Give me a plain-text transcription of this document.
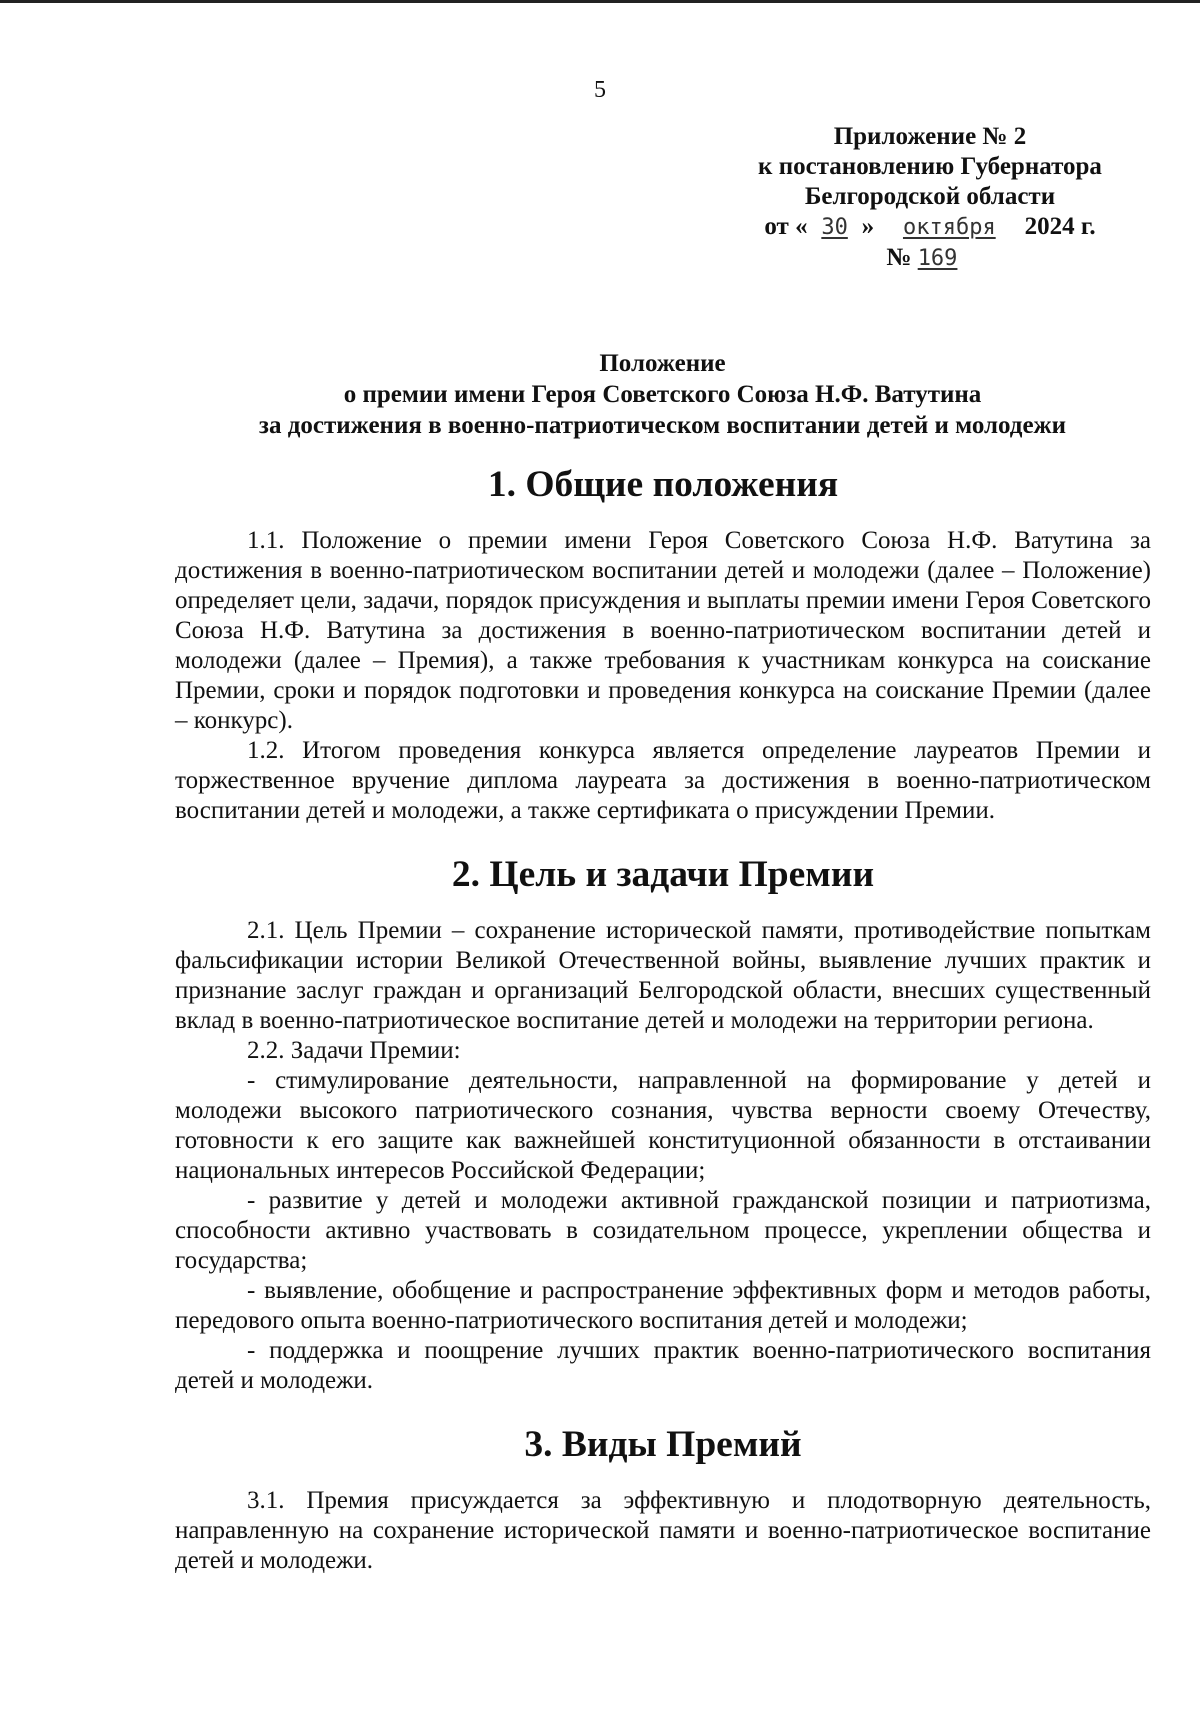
5
Приложение № 2
к постановлению Губернатора
Белгородской области
от « 30 » октября 2024 г.
№ 169
Положение
о премии имени Героя Советского Союза Н.Ф. Ватутина
за достижения в военно-патриотическом воспитании детей и молодежи
1. Общие положения

1.1. Положение о премии имени Героя Советского Союза Н.Ф. Ватутина за достижения в военно-патриотическом воспитании детей и молодежи (далее – Положение) определяет цели, задачи, порядок присуждения и выплаты премии имени Героя Советского Союза Н.Ф. Ватутина за достижения в военно-патриотическом воспитании детей и молодежи (далее – Премия), а также требования к участникам конкурса на соискание Премии, сроки и порядок подготовки и проведения конкурса на соискание Премии (далее – конкурс).

1.2. Итогом проведения конкурса является определение лауреатов Премии и торжественное вручение диплома лауреата за достижения в военно-патриотическом воспитании детей и молодежи, а также сертификата о присуждении Премии.

2. Цель и задачи Премии

2.1. Цель Премии – сохранение исторической памяти, противодействие попыткам фальсификации истории Великой Отечественной войны, выявление лучших практик и признание заслуг граждан и организаций Белгородской области, внесших существенный вклад в военно-патриотическое воспитание детей и молодежи на территории региона.

2.2. Задачи Премии:

- стимулирование деятельности, направленной на формирование у детей и молодежи высокого патриотического сознания, чувства верности своему Отечеству, готовности к его защите как важнейшей конституционной обязанности в отстаивании национальных интересов Российской Федерации;

- развитие у детей и молодежи активной гражданской позиции и патриотизма, способности активно участвовать в созидательном процессе, укреплении общества и государства;

- выявление, обобщение и распространение эффективных форм и методов работы, передового опыта военно-патриотического воспитания детей и молодежи;

- поддержка и поощрение лучших практик военно-патриотического воспитания детей и молодежи.

3. Виды Премий

3.1. Премия присуждается за эффективную и плодотворную деятельность, направленную на сохранение исторической памяти и военно-патриотическое воспитание детей и молодежи.
